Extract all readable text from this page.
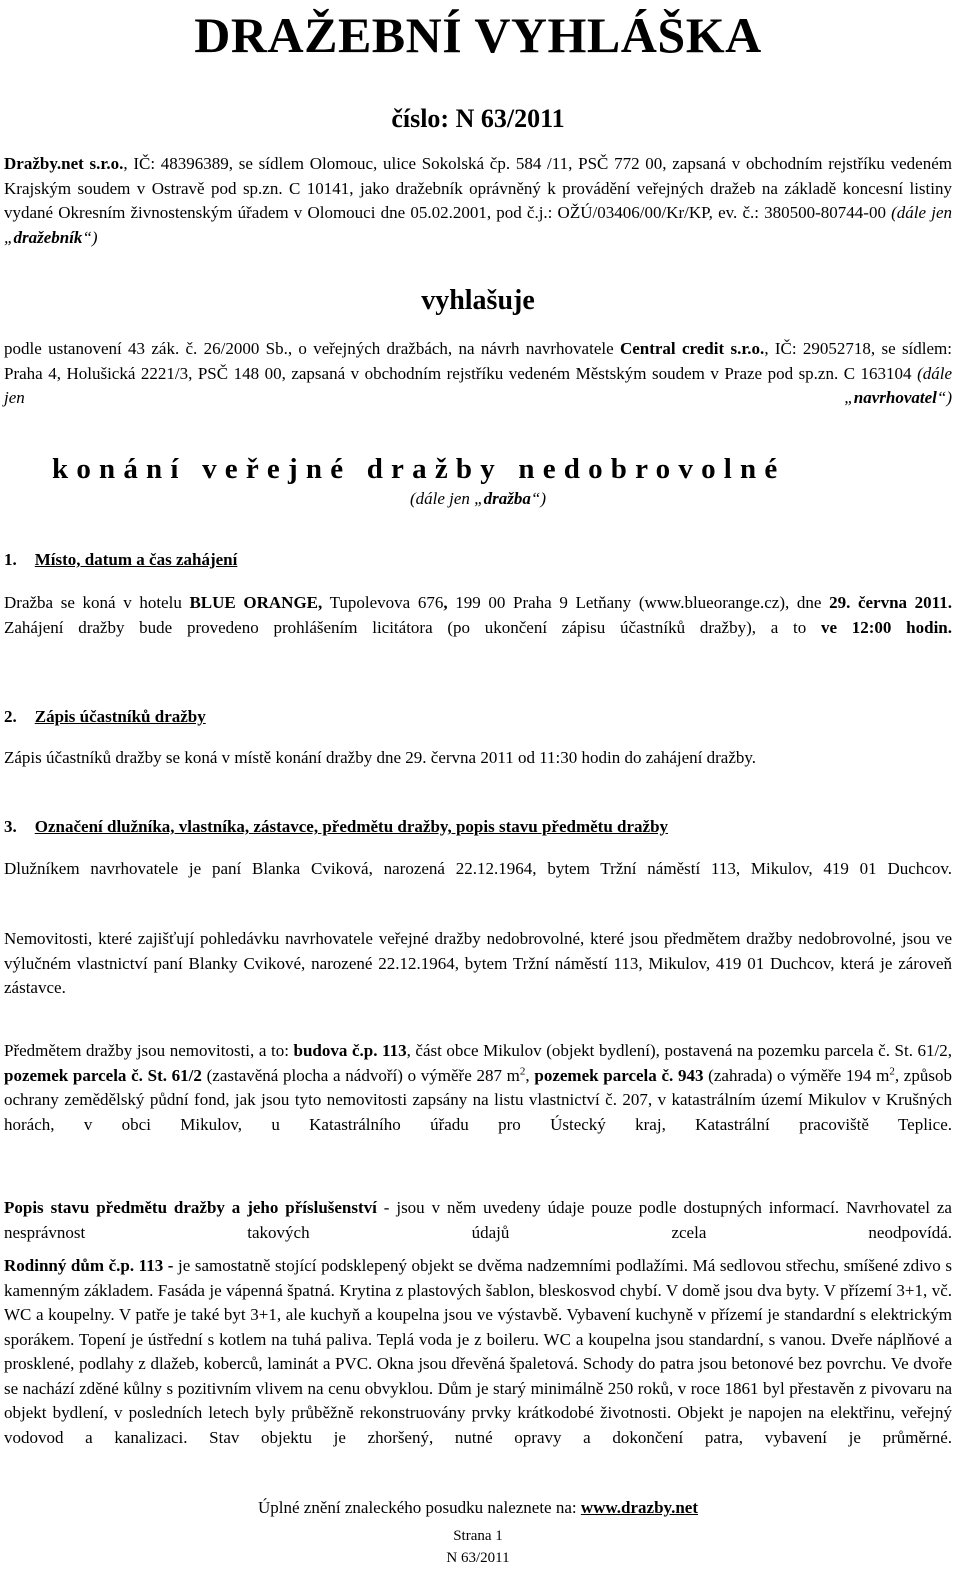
DRAŽEBNÍ VYHLÁŠKA
číslo: N 63/2011

Dražby.net s.r.o., IČ: 48396389, se sídlem Olomouc, ulice Sokolská čp. 584 /11, PSČ 772 00, zapsaná v obchodním rejstříku vedeném Krajským soudem v Ostravě pod sp.zn. C 10141, jako dražebník oprávněný k provádění veřejných dražeb na základě koncesní listiny vydané Okresním živnostenským úřadem v Olomouci dne 05.02.2001, pod č.j.: OŽÚ/03406/00/Kr/KP, ev. č.: 380500-80744-00 (dále jen „dražebník“)

vyhlašuje

podle ustanovení 43 zák. č. 26/2000 Sb., o veřejných dražbách, na návrh navrhovatele Central credit s.r.o., IČ: 29052718, se sídlem: Praha 4, Holušická 2221/3, PSČ 148 00, zapsaná v obchodním rejstříku vedeném Městským soudem v Praze pod sp.zn. C 163104 (dále jen „navrhovatel“)

konání veřejné dražby nedobrovolné
(dále jen „dražba“)
1. Místo, datum a čas zahájení

Dražba se koná v hotelu BLUE ORANGE, Tupolevova 676, 199 00 Praha 9 Letňany (www.blueorange.cz), dne 29. června 2011. Zahájení dražby bude provedeno prohlášením licitátora (po ukončení zápisu účastníků dražby), a to ve 12:00 hodin.

2. Zápis účastníků dražby

Zápis účastníků dražby se koná v místě konání dražby dne 29. června 2011 od 11:30 hodin do zahájení dražby.

3. Označení dlužníka, vlastníka, zástavce, předmětu dražby, popis stavu předmětu dražby

Dlužníkem navrhovatele je paní Blanka Cviková, narozená 22.12.1964, bytem Tržní náměstí 113, Mikulov, 419 01 Duchcov.

Nemovitosti, které zajišťují pohledávku navrhovatele veřejné dražby nedobrovolné, které jsou předmětem dražby nedobrovolné, jsou ve výlučném vlastnictví paní Blanky Cvikové, narozené 22.12.1964, bytem Tržní náměstí 113, Mikulov, 419 01 Duchcov, která je zároveň zástavce.

Předmětem dražby jsou nemovitosti, a to: budova č.p. 113, část obce Mikulov (objekt bydlení), postavená na pozemku parcela č. St. 61/2, pozemek parcela č. St. 61/2 (zastavěná plocha a nádvoří) o výměře 287 $m^2$, pozemek parcela č. 943 (zahrada) o výměře 194 $m^2$, způsob ochrany zemědělský půdní fond, jak jsou tyto nemovitosti zapsány na listu vlastnictví č. 207, v katastrálním území Mikulov v Krušných horách, v obci Mikulov, u Katastrálního úřadu pro Ústecký kraj, Katastrální pracoviště Teplice.

Popis stavu předmětu dražby a jeho příslušenství - jsou v něm uvedeny údaje pouze podle dostupných informací. Navrhovatel za nesprávnost takových údajů zcela neodpovídá.

Rodinný dům č.p. 113 - je samostatně stojící podsklepený objekt se dvěma nadzemními podlažími. Má sedlovou střechu, smíšené zdivo s kamenným základem. Fasáda je vápenná špatná. Krytina z plastových šablon, bleskosvod chybí. V domě jsou dva byty. V přízemí 3+1, vč. WC a koupelny. V patře je také byt 3+1, ale kuchyň a koupelna jsou ve výstavbě. Vybavení kuchyně v přízemí je standardní s elektrickým sporákem. Topení je ústřední s kotlem na tuhá paliva. Teplá voda je z boileru. WC a koupelna jsou standardní, s vanou. Dveře náplňové a prosklené, podlahy z dlažeb, koberců, laminát a PVC. Okna jsou dřevěná špaletová. Schody do patra jsou betonové bez povrchu. Ve dvoře se nachází zděné kůlny s pozitivním vlivem na cenu obvyklou. Dům je starý minimálně 250 roků, v roce 1861 byl přestavěn z pivovaru na objekt bydlení, v posledních letech byly průběžně rekonstruovány prvky krátkodobé životnosti. Objekt je napojen na elektřinu, veřejný vodovod a kanalizaci. Stav objektu je zhoršený, nutné opravy a dokončení patra, vybavení je průměrné.

Úplné znění znaleckého posudku naleznete na: www.drazby.net
Strana 1
N 63/2011
